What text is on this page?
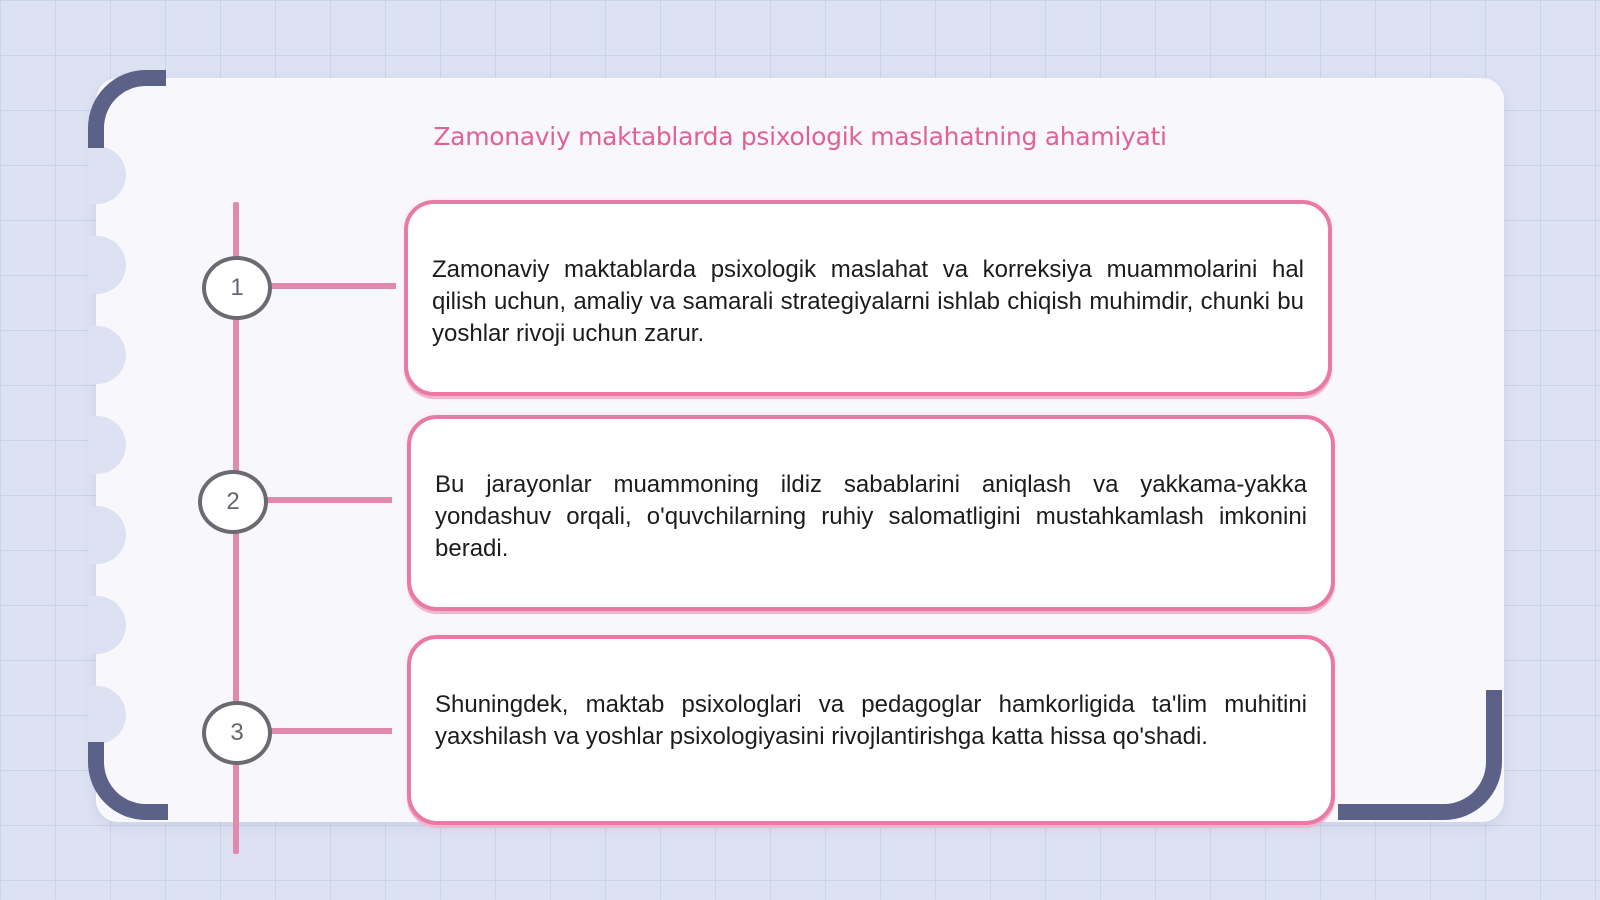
Zamonaviy maktablarda psixologik maslahatning ahamiyati
1

Zamonaviy maktablarda psixologik maslahat va korreksiya muammolarini hal qilish uchun, amaliy va samarali strategiyalarni ishlab chiqish muhimdir, chunki bu yoshlar rivoji uchun zarur.

2

Bu jarayonlar muammoning ildiz sabablarini aniqlash va yakkama-yakka yondashuv orqali, o'quvchilarning ruhiy salomatligini mustahkamlash imkonini beradi.

3

Shuningdek, maktab psixologlari va pedagoglar hamkorligida ta'lim muhitini yaxshilash va yoshlar psixologiyasini rivojlantirishga katta hissa qo'shadi.
